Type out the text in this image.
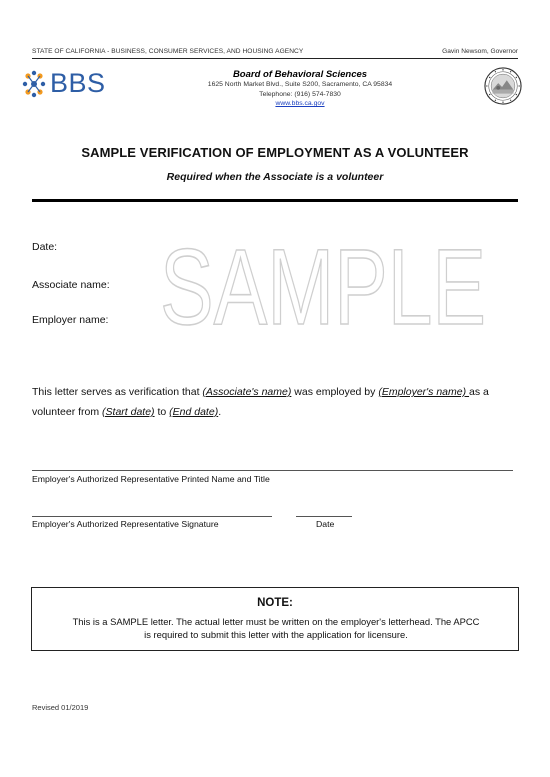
STATE OF CALIFORNIA - BUSINESS, CONSUMER SERVICES, AND HOUSING AGENCY	Gavin Newsom, Governor
BBS	Board of Behavioral Sciences
1625 North Market Blvd., Suite S200, Sacramento, CA 95834
Telephone: (916) 574-7830
www.bbs.ca.gov
SAMPLE VERIFICATION OF EMPLOYMENT AS A VOLUNTEER
Required when the Associate is a volunteer
SAMPLE
Date:
Associate name:
Employer name:
This letter serves as verification that (Associate's name) was employed by (Employer's name) as a volunteer from (Start date) to (End date).
Employer's Authorized Representative Printed Name and Title
Employer's Authorized Representative Signature	Date
NOTE:
This is a SAMPLE letter. The actual letter must be written on the employer's letterhead. The APCC is required to submit this letter with the application for licensure.
Revised 01/2019
